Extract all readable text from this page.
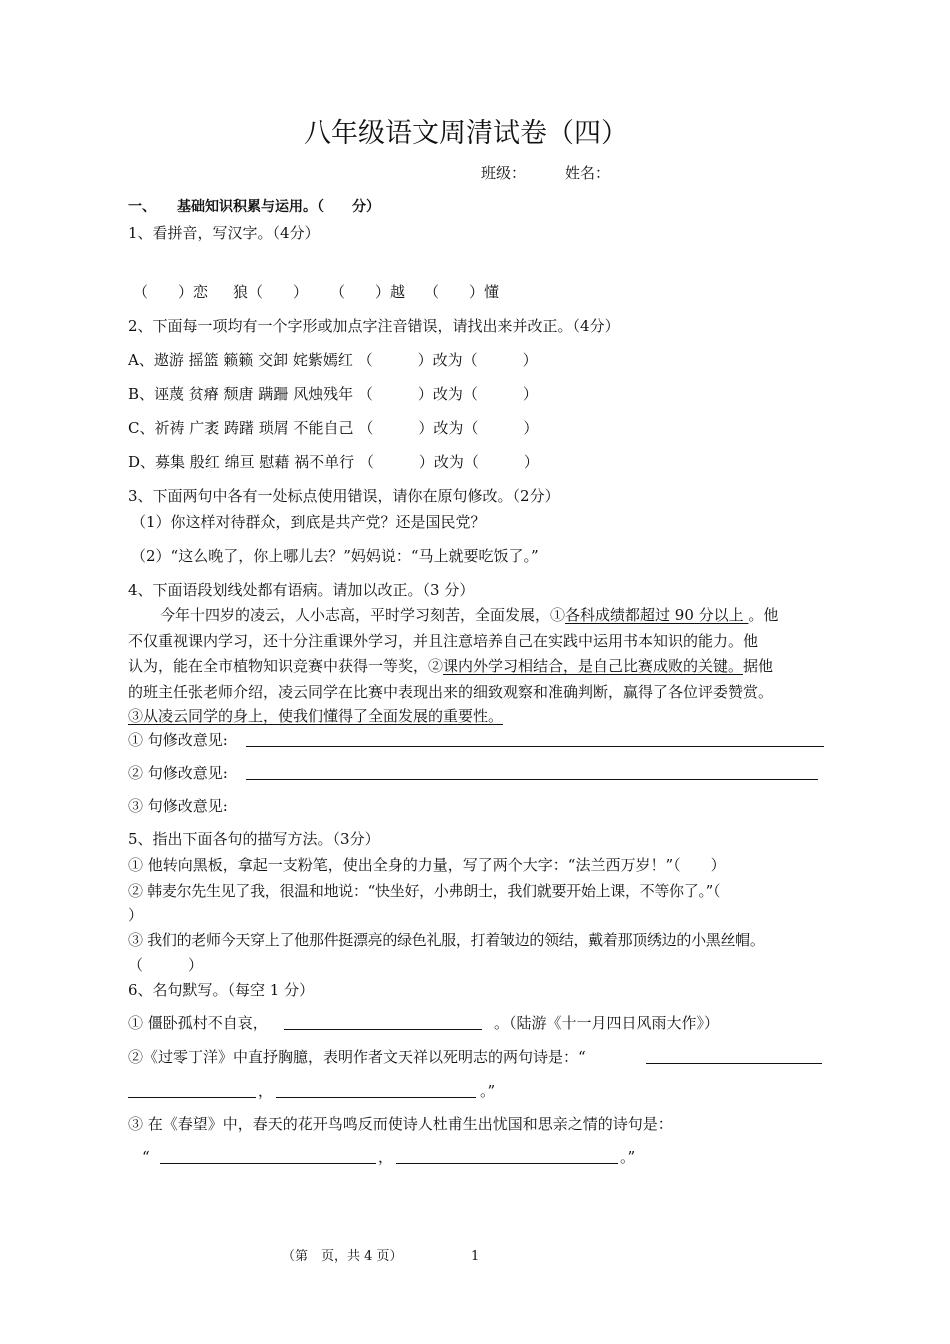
八年级语文周清试卷（四）
班级：	姓名：
一、　　基础知识积累与运用。（　　分）
1、看拼音，写汉字。（4分）
（　　）恋 狼（　　） （　　）越 （　　）懂
2、下面每一项均有一个字形或加点字注音错误，请找出来并改正。（4分）
A、遨游 摇篮 籁籁 交卸 姹紫嫣红 （　　　）改为（　　　）
B、诬蔑 贫瘠 颓唐 蹒跚 风烛残年 （　　　）改为（　　　）
C、祈祷 广袤 踌躇 琐屑 不能自己 （　　　）改为（　　　）
D、募集 殷红 绵亘 慰藉 祸不单行 （　　　）改为（　　　）
3、下面两句中各有一处标点使用错误，请你在原句修改。（2分）
（1）你这样对待群众，到底是共产党？还是国民党？
（2）“这么晚了，你上哪儿去？”妈妈说：“马上就要吃饭了。”
4、下面语段划线处都有语病。请加以改正。（3 分）
今年十四岁的凌云，人小志高，平时学习刻苦，全面发展，①各科成绩都超过 90 分以上 。他
不仅重视课内学习，还十分注重课外学习，并且注意培养自己在实践中运用书本知识的能力。他
认为，能在全市植物知识竞赛中获得一等奖，②课内外学习相结合，是自己比赛成败的关键。据他
的班主任张老师介绍，凌云同学在比赛中表现出来的细致观察和准确判断，赢得了各位评委赞赏。
③从凌云同学的身上，使我们懂得了全面发展的重要性。
① 句修改意见:
② 句修改意见:
③ 句修改意见:
5、指出下面各句的描写方法。（3分）
① 他转向黑板，拿起一支粉笔，使出全身的力量，写了两个大字：“法兰西万岁！”（　　）
② 韩麦尔先生见了我，很温和地说：“快坐好，小弗朗士，我们就要开始上课，不等你了。”（
）
③ 我们的老师今天穿上了他那件挺漂亮的绿色礼服，打着皱边的领结，戴着那顶绣边的小黑丝帽。
（　　　）
6、名句默写。（每空 1 分）
① 僵卧孤村不自哀，	。（陆游《十一月四日风雨大作》）
②《过零丁洋》中直抒胸臆，表明作者文天祥以死明志的两句诗是：“
，	。”
③ 在《春望》中，春天的花开鸟鸣反而使诗人杜甫生出忧国和思亲之情的诗句是：
“	，	。”
（第　页，共 4 页）	1
